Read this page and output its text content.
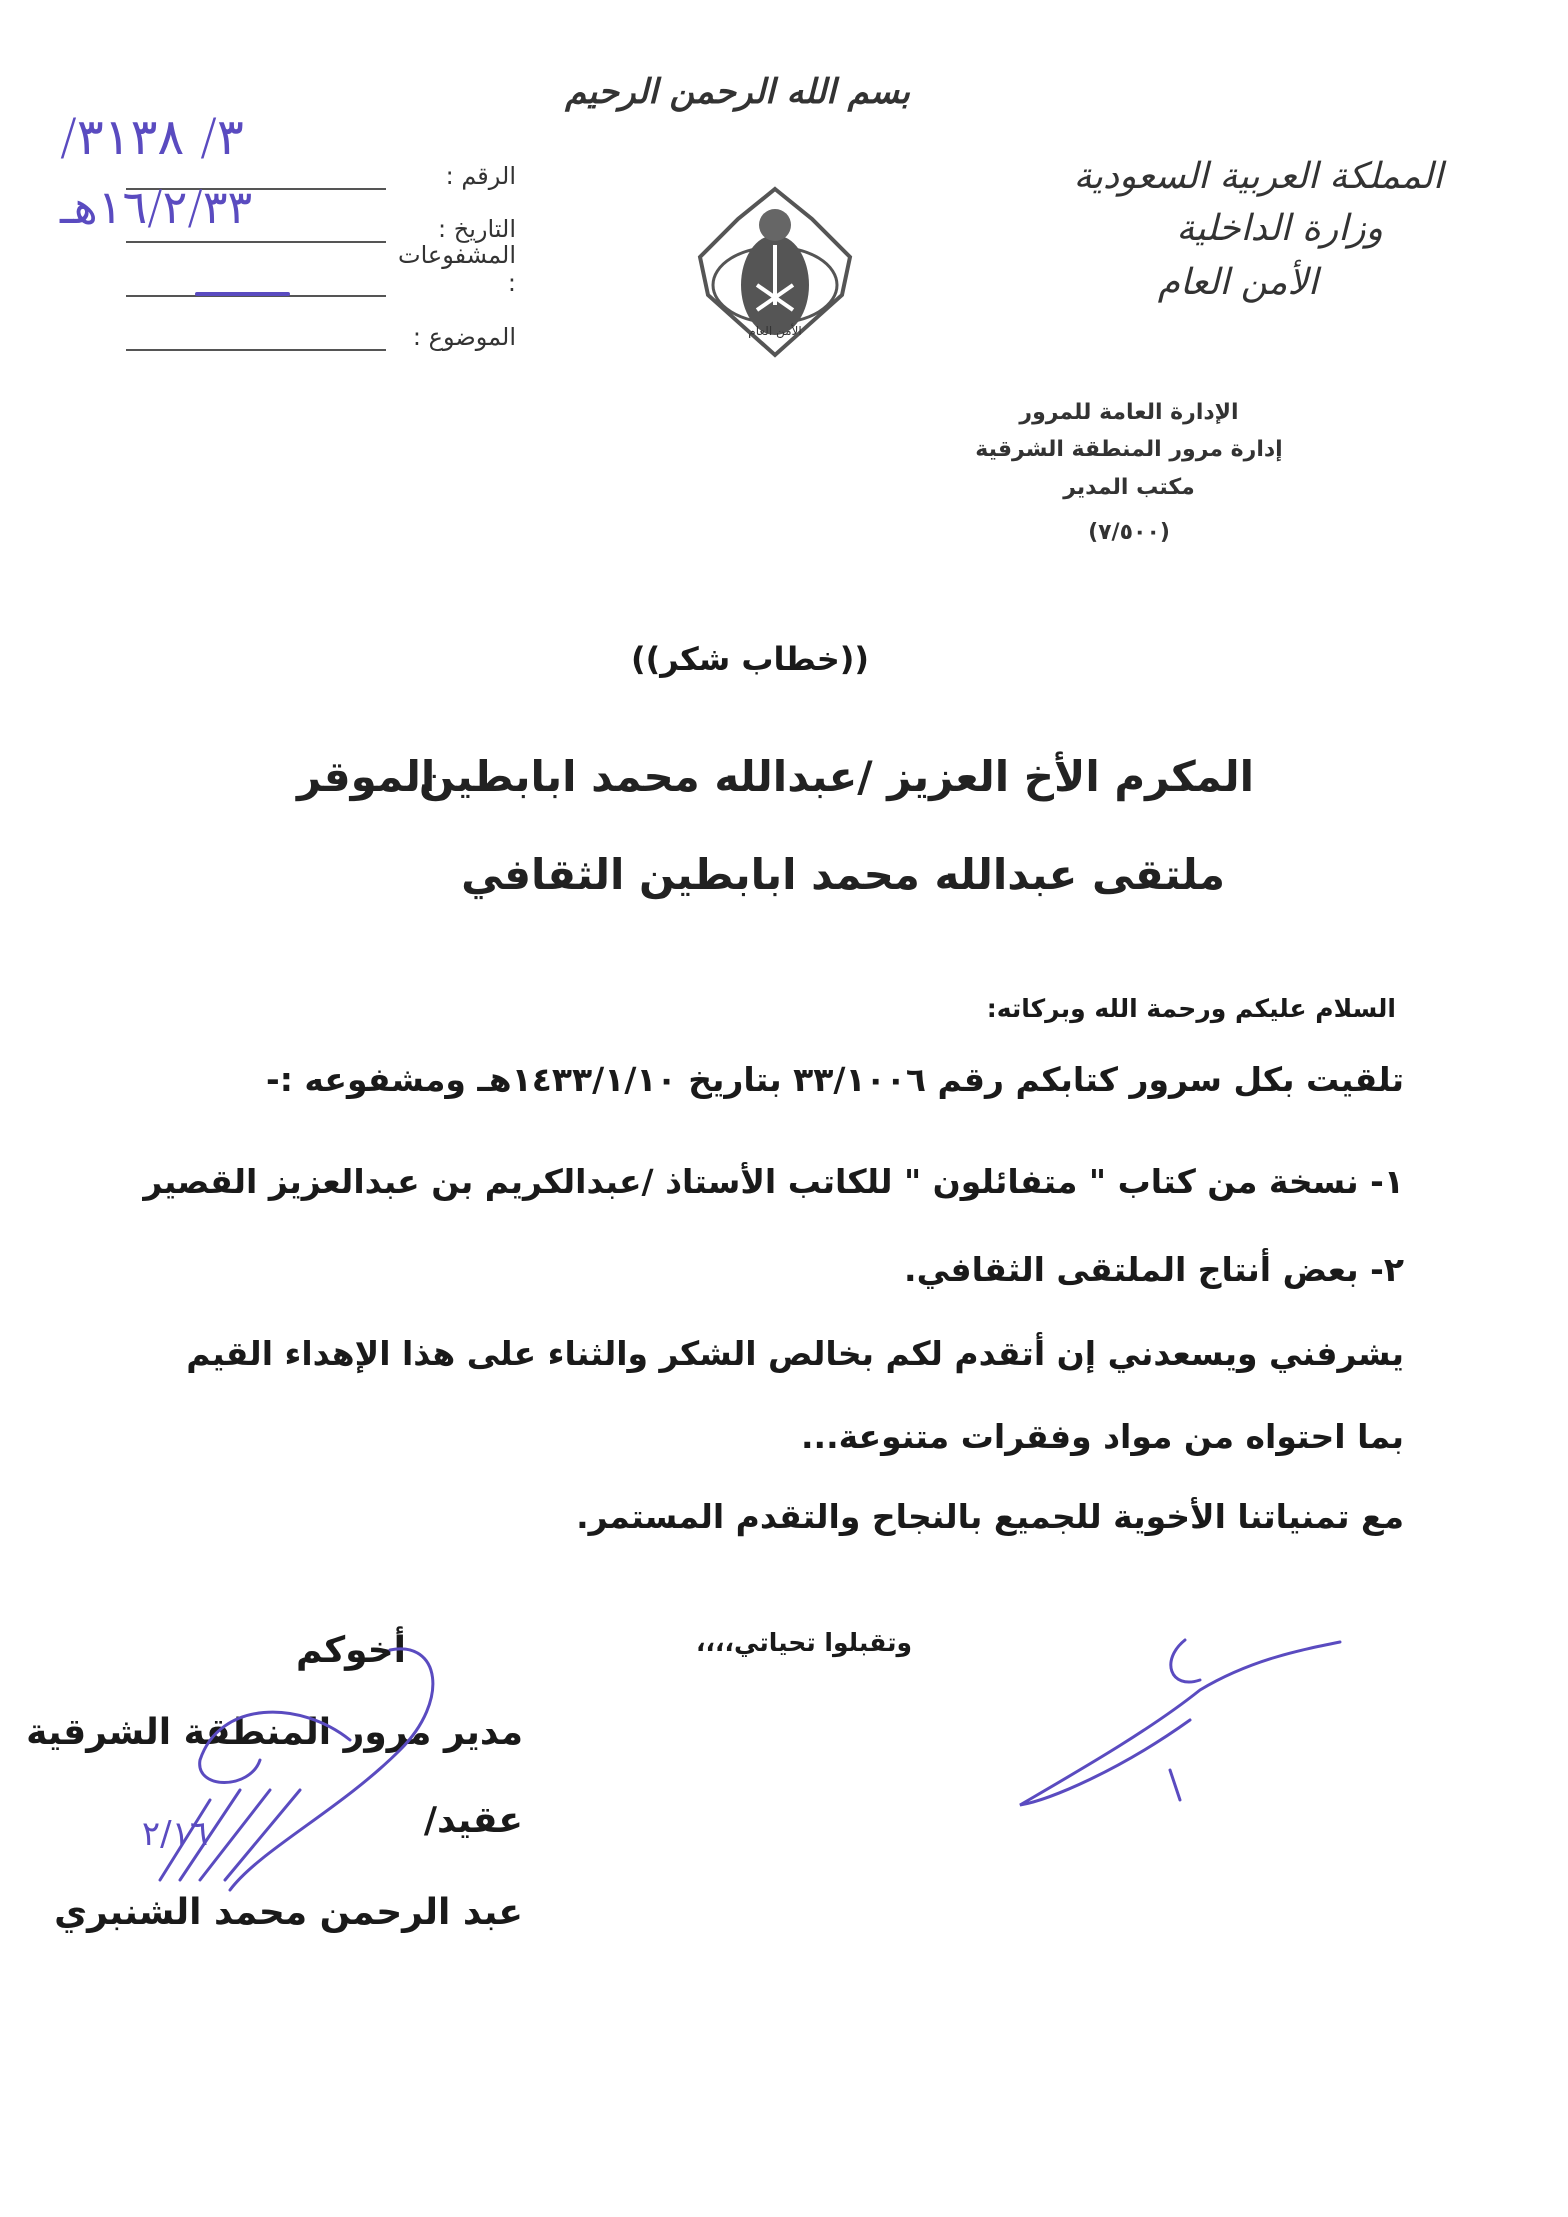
بسم الله الرحمن الرحيم
المملكة العربية السعودية
وزارة الداخلية
الأمن العام
الأمن العام
الرقم :
٣/ ٣١٣٨/
التاريخ :
١٦/٢/٣٣هـ
المشفوعات :
الموضوع :
الإدارة العامة للمرور
إدارة مرور المنطقة الشرقية
مكتب المدير
(٧/٥٠٠)
((خطاب شكر))
المكرم الأخ العزيز /عبدالله محمد ابابطين
الموقر
ملتقى عبدالله محمد ابابطين الثقافي
السلام عليكم ورحمة الله وبركاته:
تلقيت بكل سرور كتابكم رقم ٣٣/١٠٠٦ بتاريخ ١٤٣٣/١/١٠هـ ومشفوعه :-
١- نسخة من كتاب " متفائلون " للكاتب الأستاذ /عبدالكريم بن عبدالعزيز القصير
٢- بعض أنتاج الملتقى الثقافي.
يشرفني ويسعدني إن أتقدم لكم بخالص الشكر والثناء على هذا الإهداء القيم
بما احتواه من مواد وفقرات متنوعة...
مع تمنياتنا الأخوية للجميع بالنجاح والتقدم المستمر.
وتقبلوا تحياتي،،،،
أخوكم
مدير مرور المنطقة الشرقية
عقيد/
عبد الرحمن محمد الشنبري
٢/١٦
